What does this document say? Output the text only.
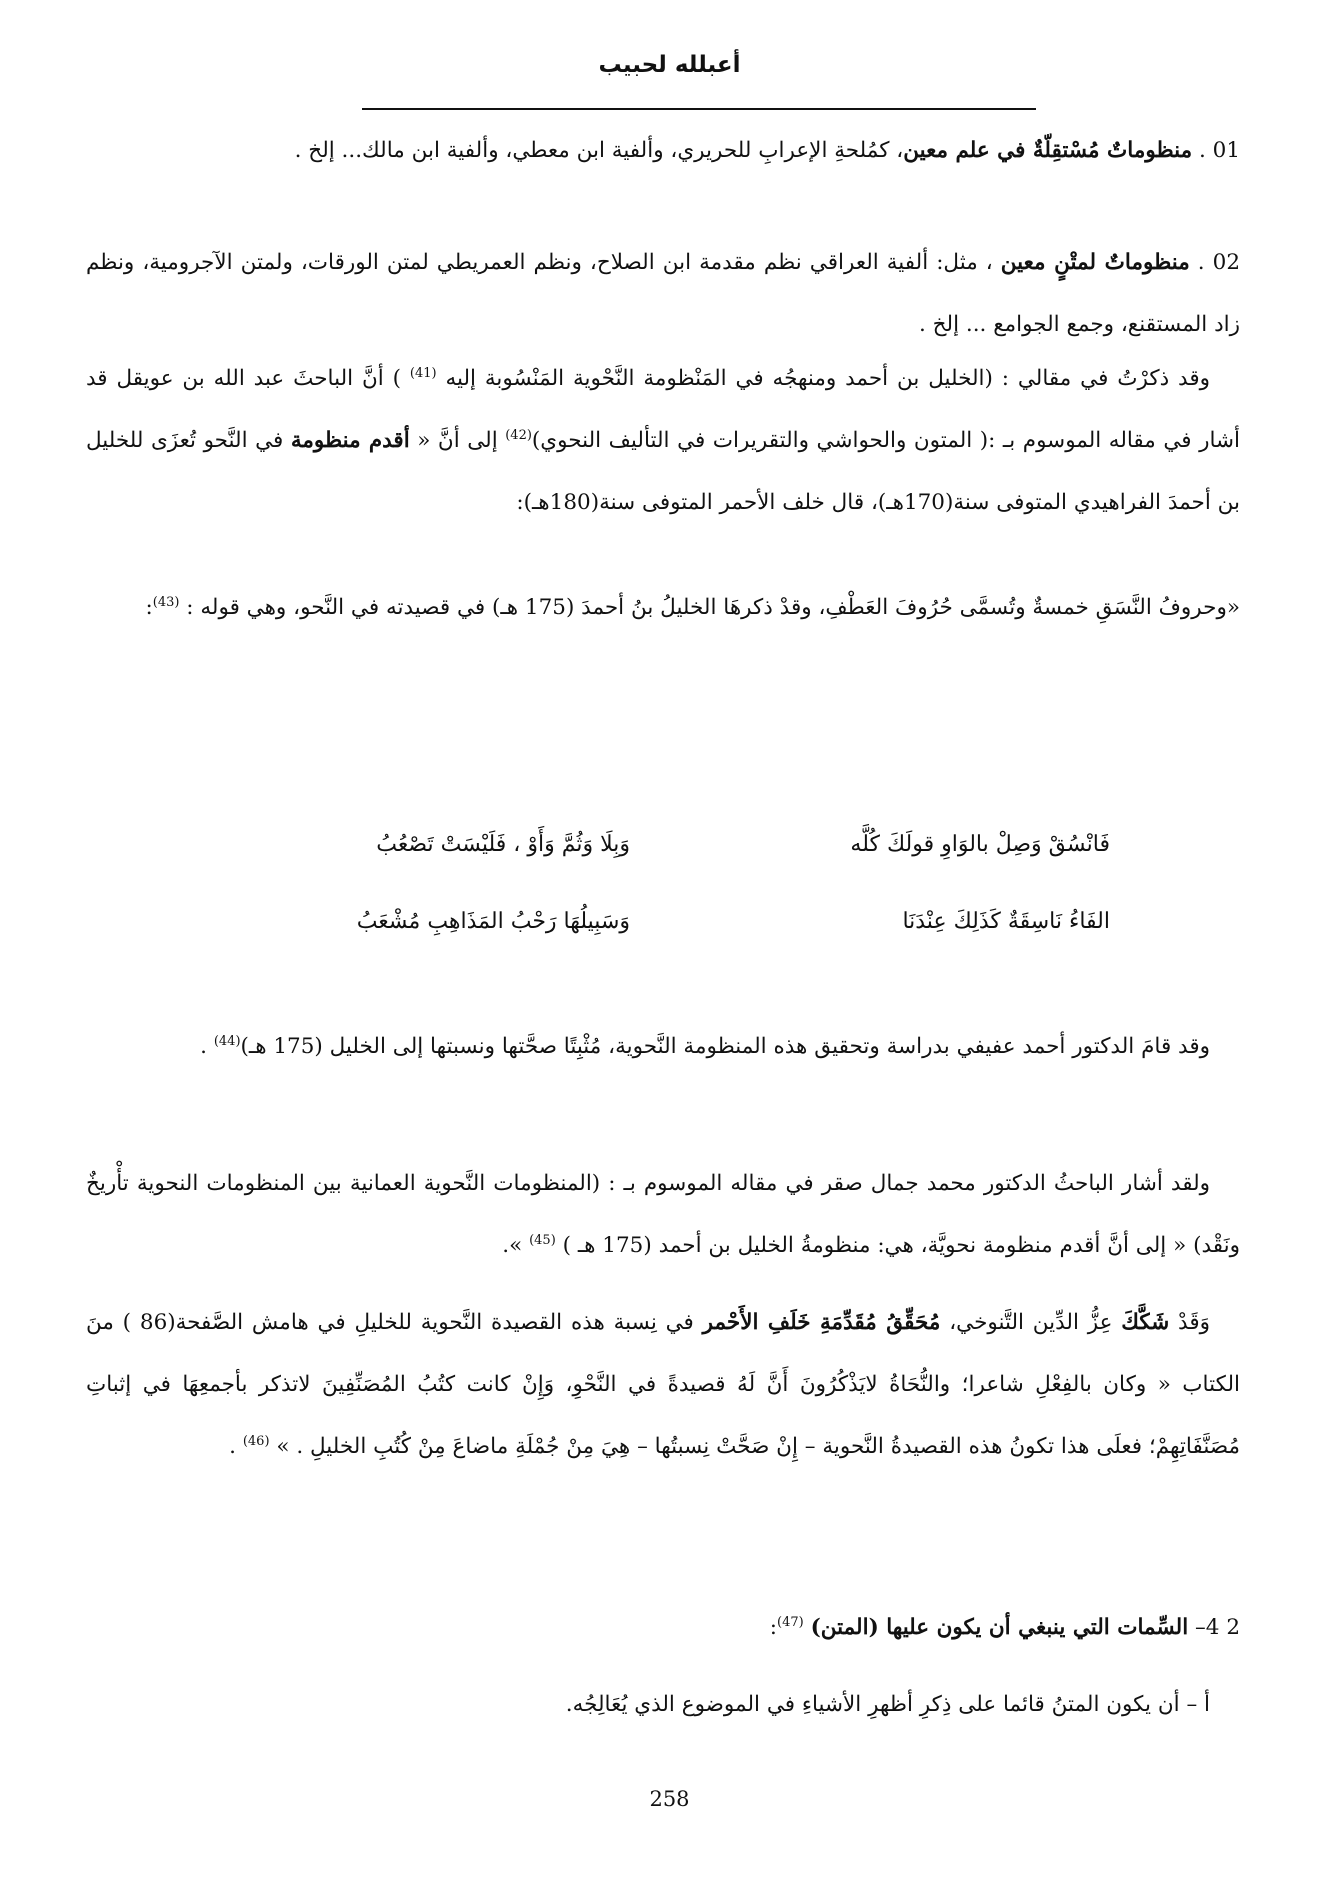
أعبلله لحبيب
01 . منظوماتٌ مُسْتقِلّةٌ في علم معين، كمُلحةِ الإعرابِ للحريري، وألفية ابن معطي، وألفية ابن مالك... إلخ .
02 . منظوماتٌ لمتْنٍ معين ، مثل: ألفية العراقي نظم مقدمة ابن الصلاح، ونظم العمريطي لمتن الورقات، ولمتن الآجرومية، ونظم زاد المستقنع، وجمع الجوامع ... إلخ .
وقد ذكرْتُ في مقالي : (الخليل بن أحمد ومنهجُه في المَنْظومة النَّحْوية المَنْسُوبة إليه $^{(41)}$ ) أنَّ الباحثَ عبد الله بن عويقل قد أشار في مقاله الموسوم بـ :( المتون والحواشي والتقريرات في التأليف النحوي)$^{(42)}$ إلى أنَّ « أقدم منظومة في النَّحو تُعزَى للخليل بن أحمدَ الفراهيدي المتوفى سنة(170هـ)، قال خلف الأحمر المتوفى سنة(180هـ):
«وحروفُ النَّسَقِ خمسةٌ وتُسمَّى حُرُوفَ العَطْفِ، وقدْ ذكرهَا الخليلُ بنُ أحمدَ (175 هـ) في قصيدته في النَّحو، وهي قوله : $^{(43)}$:
فَانْسُقْ وَصِلْ بالوَاوِ قولَكَ كُلَّه
وَبِلَا وَثُمَّ وَأَوْ ، فَلَيْسَتْ تَصْعُبُ
الفَاءُ نَاسِقَةٌ كَذَلِكَ عِنْدَنَا
وَسَبِيلُهَا رَحْبُ المَذَاهِبِ مُشْعَبُ
وقد قامَ الدكتور أحمد عفيفي بدراسة وتحقيق هذه المنظومة النَّحوية، مُثْبِتًا صحَّتها ونسبتها إلى الخليل (175 هـ)$^{(44)}$ .
ولقد أشار الباحثُ الدكتور محمد جمال صقر في مقاله الموسوم بـ : (المنظومات النَّحوية العمانية بين المنظومات النحوية تأْريخٌ ونَقْد) « إلى أنَّ أقدم منظومة نحويَّة، هي: منظومةُ الخليل بن أحمد (175 هـ ) $^{(45)}$ ».
وَقَدْ شَكَّكَ عِزُّ الدِّين التَّنوخي، مُحَقِّقُ مُقَدِّمَةِ خَلَفِ الأَحْمر في نِسبة هذه القصيدة النَّحوية للخليلِ في هامش الصَّفحة(86 ) منَ الكتاب « وكان بالفِعْلِ شاعرا؛ والنُّحَاةُ لايَذْكُرُونَ أَنَّ لَهُ قصيدةً في النَّحْوِ، وَإِنْ كانت كتُبُ المُصَنِّفِينَ لاتذكر بأجمعِهَا في إثباتِ مُصَنَّفَاتِهِمْ؛ فعلَى هذا تكونُ هذه القصيدةُ النَّحوية – إِنْ صَحَّتْ نِسبتُها – هِيَ مِنْ جُمْلَةِ ماضاعَ مِنْ كُتُبِ الخليلِ . » $^{(46)}$ .
2 4– السِّمات التي ينبغي أن يكون عليها (المتن) $^{(47)}$:
أ – أن يكون المتنُ قائما على ذِكرِ أظهرِ الأشياءِ في الموضوع الذي يُعَالِجُه.
258
